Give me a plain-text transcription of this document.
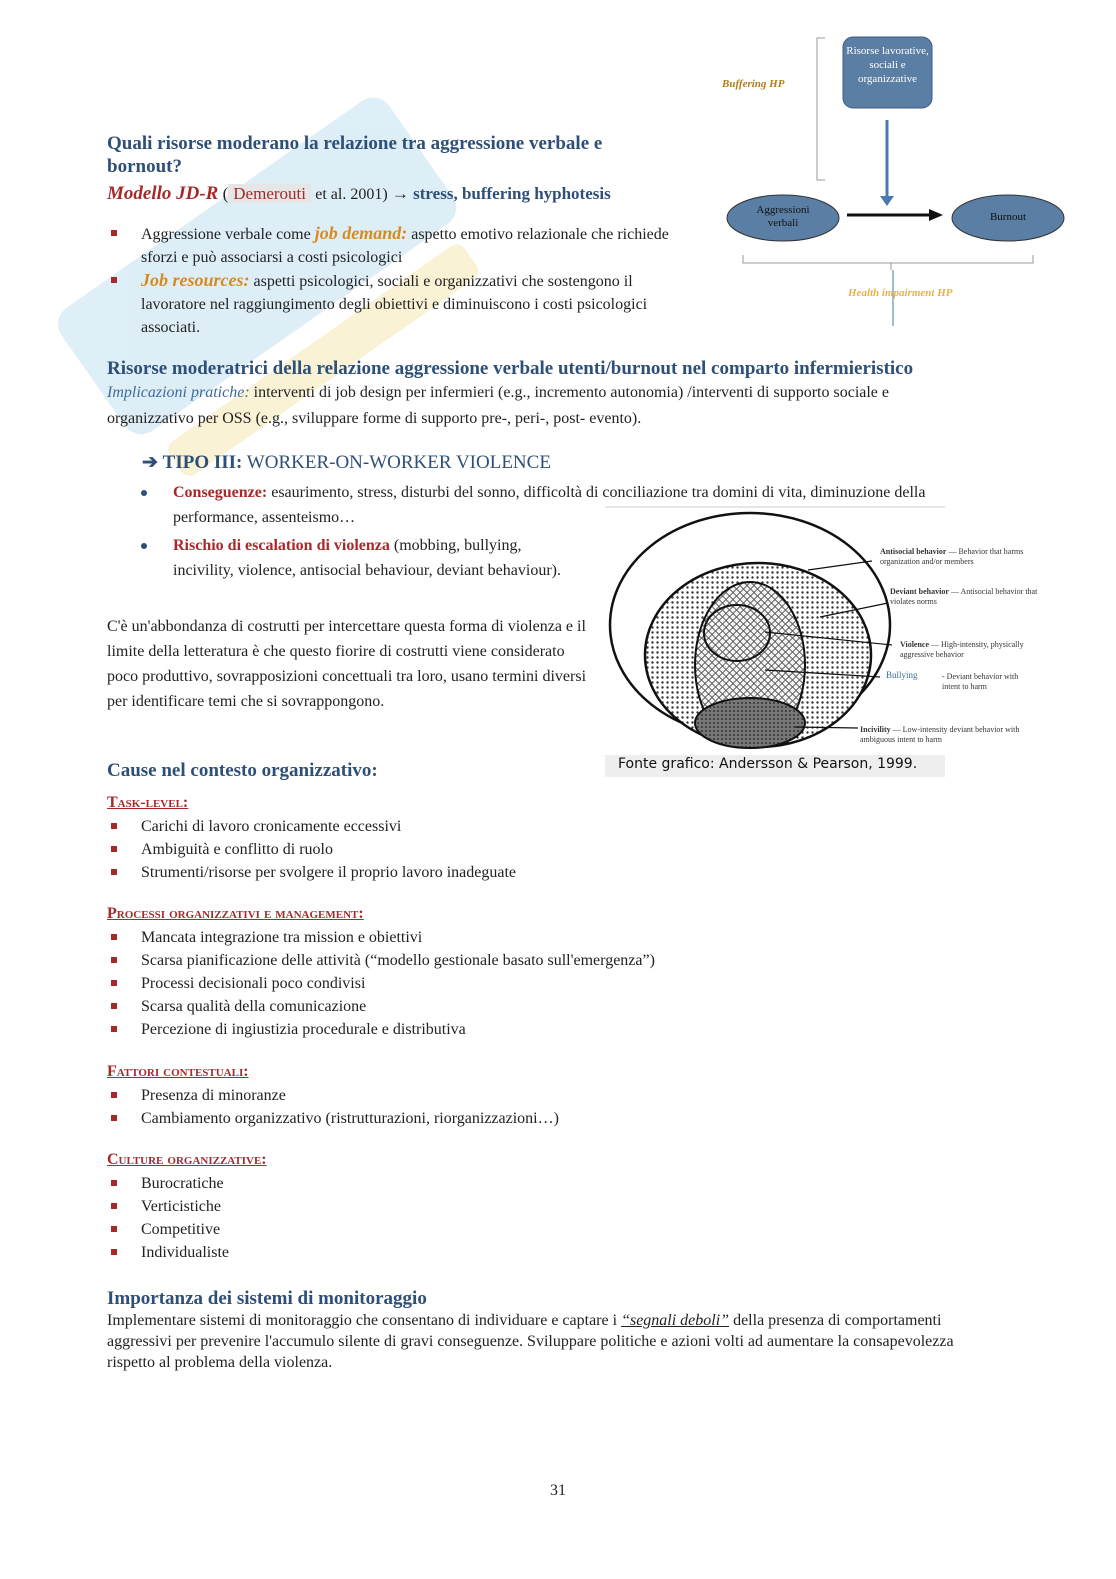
Risorse lavorative, sociali e organizzative
Buffering HP
Aggressioni verbali	Burnout
Health impairment HP
Quali risorse moderano la relazione tra aggressione verbale e bornout?
Modello JD-R ( Demerouti et al. 2001) → stress, buffering hyphotesis
Aggressione verbale come job demand: aspetto emotivo relazionale che richiede sforzi e può associarsi a costi psicologici
Job resources: aspetti psicologici, sociali e organizzativi che sostengono il lavoratore nel raggiungimento degli obiettivi e diminuiscono i costi psicologici associati.
Risorse moderatrici della relazione aggressione verbale utenti/burnout nel comparto infermieristico
Implicazioni pratiche: interventi di job design per infermieri (e.g., incremento autonomia) /interventi di supporto sociale e organizzativo per OSS (e.g., sviluppare forme di supporto pre-, peri-, post- evento).
➔ TIPO III: WORKER-ON-WORKER VIOLENCE
Conseguenze: esaurimento, stress, disturbi del sonno, difficoltà di conciliazione tra domini di vita, diminuzione della performance, assenteismo…
Rischio di escalation di violenza (mobbing, bullying, incivility, violence, antisocial behaviour, deviant behaviour).
C'è un'abbondanza di costrutti per intercettare questa forma di violenza e il limite della letteratura è che questo fiorire di costrutti viene considerato poco produttivo, sovrapposizioni concettuali tra loro, usano termini diversi per identificare temi che si sovrappongono.
Antisocial behavior — Behavior that harms organization and/or members
Deviant behavior — Antisocial behavior that violates norms
Violence — High-intensity, physically aggressive behavior
Bullying	- Deviant behavior with intent to harm
Incivility — Low-intensity deviant behavior with ambiguous intent to harm
Fonte grafico: Andersson & Pearson, 1999.
Cause nel contesto organizzativo:
Task-level:
Carichi di lavoro cronicamente eccessivi
Ambiguità e conflitto di ruolo
Strumenti/risorse per svolgere il proprio lavoro inadeguate
Processi organizzativi e management:
Mancata integrazione tra mission e obiettivi
Scarsa pianificazione delle attività (“modello gestionale basato sull'emergenza”)
Processi decisionali poco condivisi
Scarsa qualità della comunicazione
Percezione di ingiustizia procedurale e distributiva
Fattori contestuali:
Presenza di minoranze
Cambiamento organizzativo (ristrutturazioni, riorganizzazioni…)
Culture organizzative:
Burocratiche
Verticistiche
Competitive
Individualiste
Importanza dei sistemi di monitoraggio
Implementare sistemi di monitoraggio che consentano di individuare e captare i “segnali deboli” della presenza di comportamenti aggressivi per prevenire l'accumulo silente di gravi conseguenze. Sviluppare politiche e azioni volti ad aumentare la consapevolezza rispetto al problema della violenza.
31
